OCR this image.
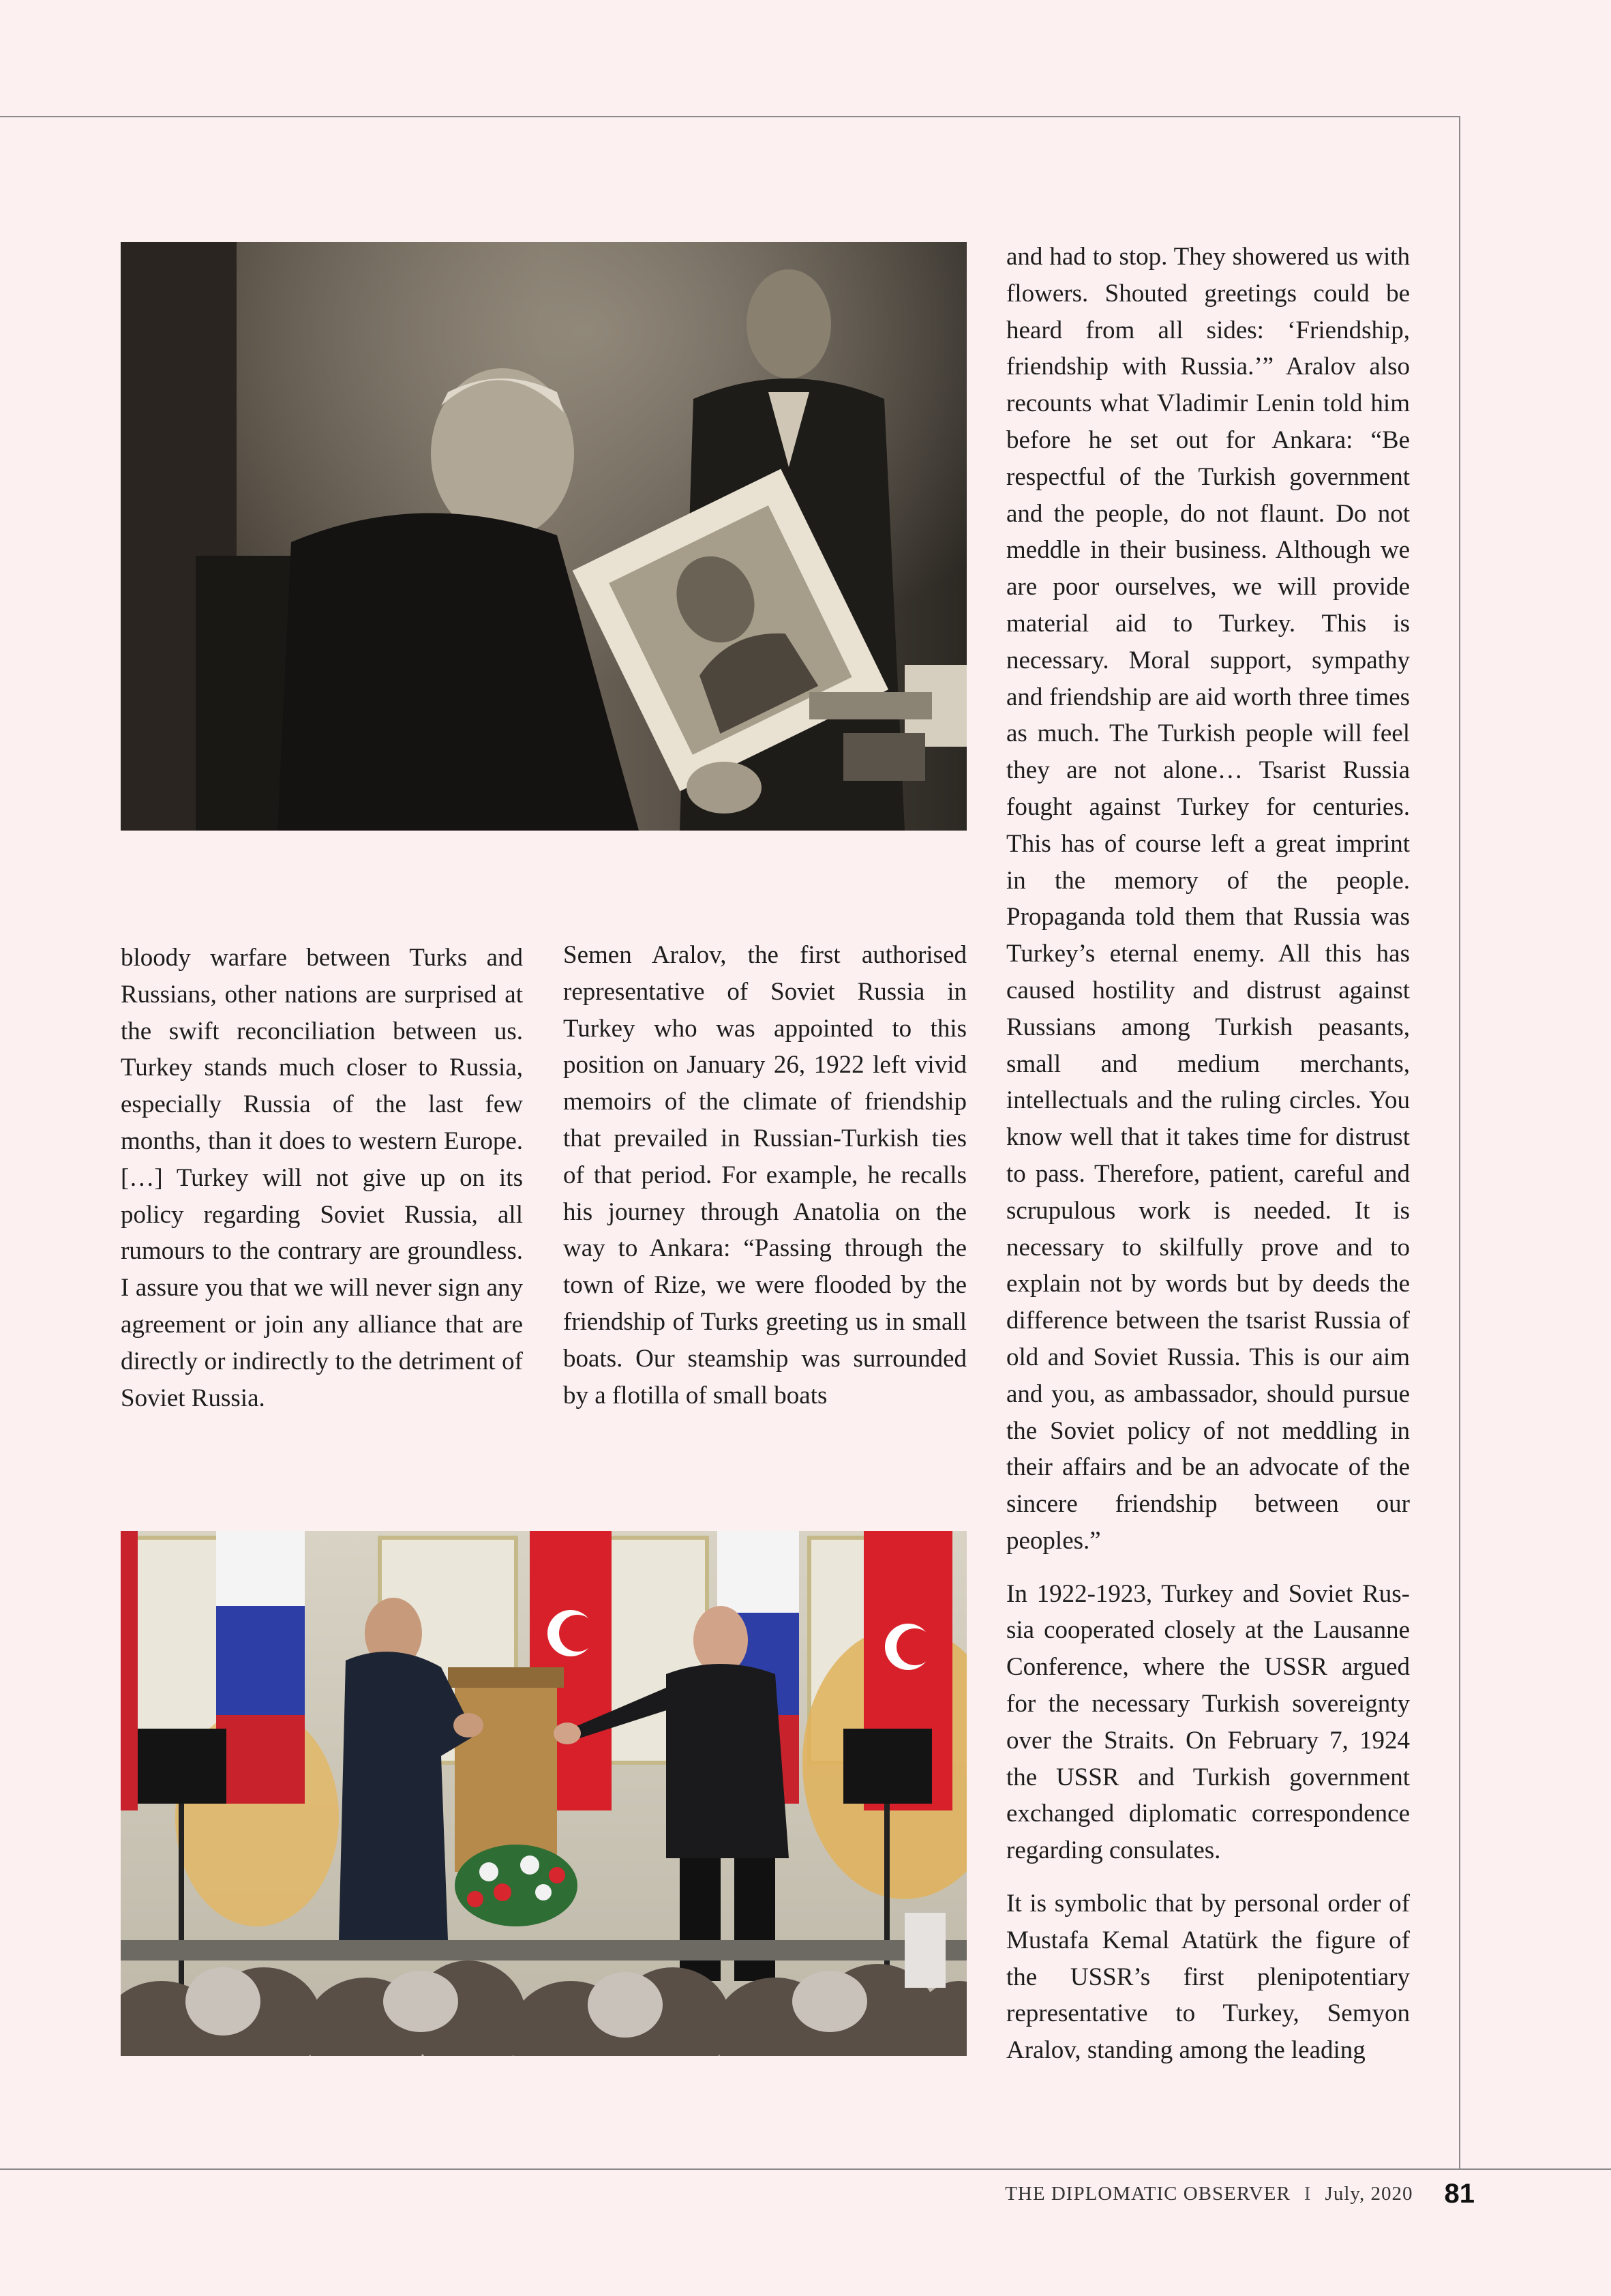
bloody warfare between Turks and Russians, other nations are surprised at the swift reconciliation between us. Turkey stands much closer to Russia, especially Russia of the last few months, than it does to western Europe. […] Turkey will not give up on its policy regarding Soviet Russia, all rumours to the contrary are groundless. I assure you that we will never sign any agreement or join any alliance that are directly or indirectly to the detriment of Soviet Russia.

Semen Aralov, the first authorised representative of Soviet Russia in Turkey who was appointed to this position on January 26, 1922 left vivid memoirs of the climate of friendship that prevailed in Russian-Turkish ties of that period. For example, he recalls his journey through Anatolia on the way to Ankara: “Passing through the town of Rize, we were flooded by the friendship of Turks greeting us in small boats. Our steamship was surrounded by a flotilla of small boats

and had to stop. They showered us with flowers. Shouted greetings could be heard from all sides: ‘Friendship, friendship with Russia.’” Aralov also recounts what Vladimir Lenin told him before he set out for Ankara: “Be respectful of the Turkish government and the people, do not flaunt. Do not meddle in their business. Although we are poor ourselves, we will provide material aid to Turkey. This is necessary. Moral support, sympathy and friendship are aid worth three times as much. The Turkish people will feel they are not alone… Tsarist Russia fought against Turkey for centuries. This has of course left a great imprint in the memory of the people. Propaganda told them that Russia was Turkey’s eternal enemy. All this has caused hostility and distrust against Russians among Turkish peasants, small and medium merchants, intellectuals and the ruling circles. You know well that it takes time for distrust to pass. Therefore, patient, careful and scrupulous work is needed. It is necessary to skilfully prove and to explain not by words but by deeds the difference between the tsarist Russia of old and Soviet Russia. This is our aim and you, as ambassador, should pursue the Soviet policy of not meddling in their affairs and be an advocate of the sincere friendship between our peoples.”

In 1922-1923, Turkey and Soviet Russia cooperated closely at the Lausanne Conference, where the USSR argued for the necessary Turkish sovereignty over the Straits. On February 7, 1924 the USSR and Turkish government exchanged diplomatic correspondence regarding consulates.

It is symbolic that by personal order of Mustafa Kemal Atatürk the figure of the USSR’s first plenipotentiary representative to Turkey, Semyon Aralov, standing among the leading

THE DIPLOMATIC OBSERVER I July, 2020 81
